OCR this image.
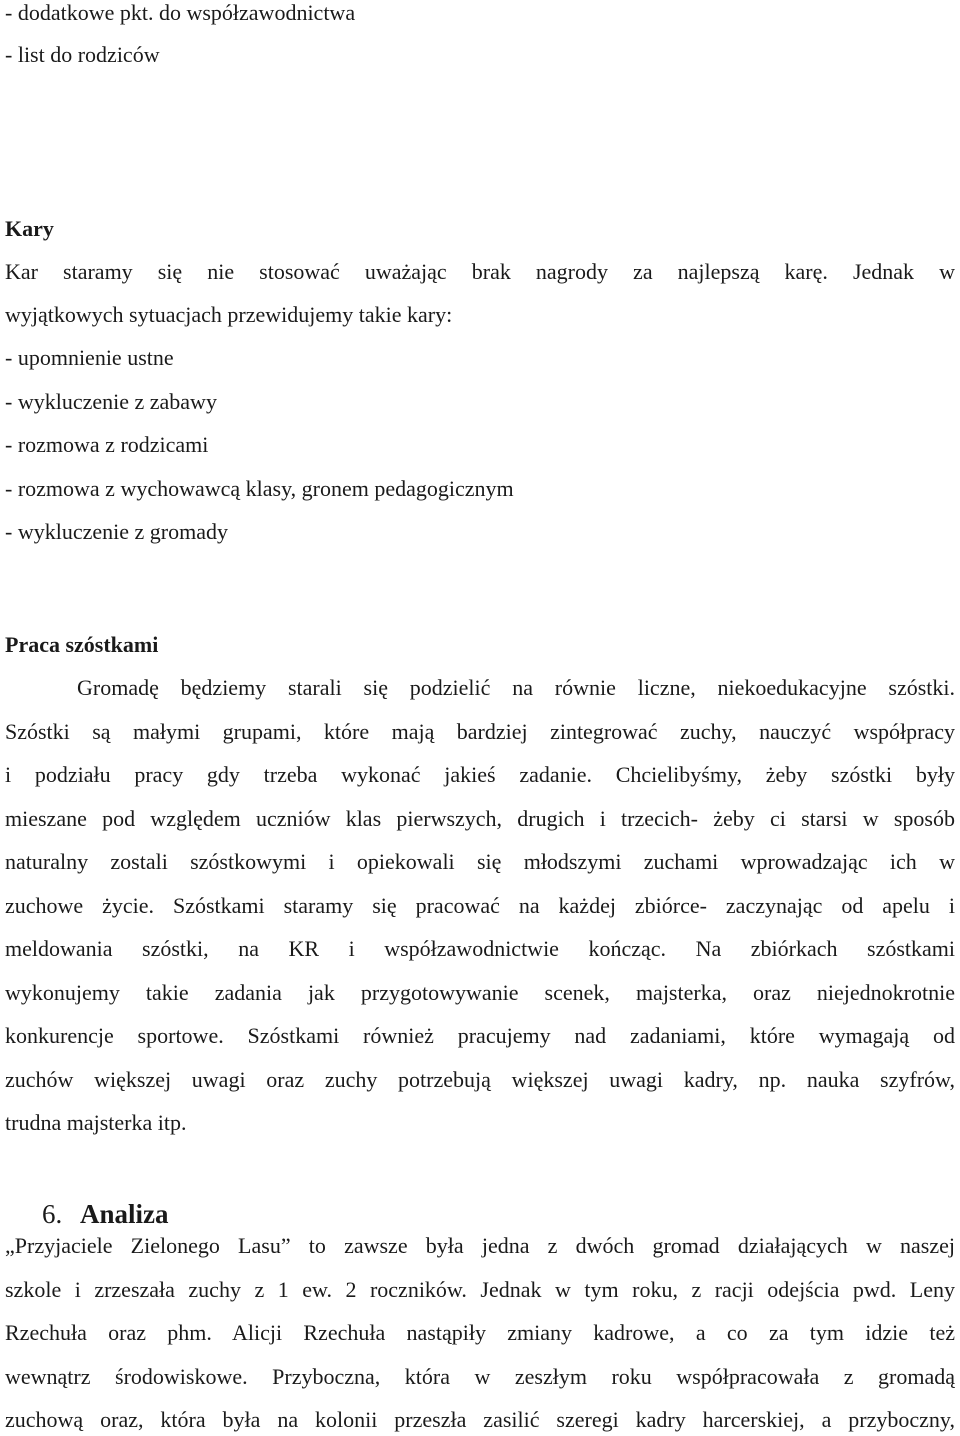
- dodatkowe pkt. do współzawodnictwa
- list do rodziców
Kary
Kar staramy się nie stosować uważając brak nagrody za najlepszą karę. Jednak w
wyjątkowych sytuacjach przewidujemy takie kary:
- upomnienie ustne
- wykluczenie z zabawy
- rozmowa z rodzicami
- rozmowa z wychowawcą klasy, gronem pedagogicznym
- wykluczenie z gromady
Praca szóstkami
Gromadę będziemy starali się podzielić na równie liczne, niekoedukacyjne szóstki.
Szóstki są małymi grupami, które mają bardziej zintegrować zuchy, nauczyć współpracy
i podziału pracy gdy trzeba wykonać jakieś zadanie. Chcielibyśmy, żeby szóstki były
mieszane pod względem uczniów klas pierwszych, drugich i trzecich- żeby ci starsi w sposób
naturalny zostali szóstkowymi i opiekowali się młodszymi zuchami wprowadzając ich w
zuchowe życie. Szóstkami staramy się pracować na każdej zbiórce- zaczynając od apelu i
meldowania szóstki, na KR i współzawodnictwie kończąc. Na zbiórkach szóstkami
wykonujemy takie zadania jak przygotowywanie scenek, majsterka, oraz niejednokrotnie
konkurencje sportowe. Szóstkami również pracujemy nad zadaniami, które wymagają od
zuchów większej uwagi oraz zuchy potrzebują większej uwagi kadry, np. nauka szyfrów,
trudna majsterka itp.
6. Analiza
„Przyjaciele Zielonego Lasu” to zawsze była jedna z dwóch gromad działających w naszej
szkole i zrzeszała zuchy z 1 ew. 2 roczników. Jednak w tym roku, z racji odejścia pwd. Leny
Rzechuła oraz phm. Alicji Rzechuła nastąpiły zmiany kadrowe, a co za tym idzie też
wewnątrz środowiskowe. Przyboczna, która w zeszłym roku współpracowała z gromadą
zuchową oraz, która była na kolonii przeszła zasilić szeregi kadry harcerskiej, a przyboczny,
